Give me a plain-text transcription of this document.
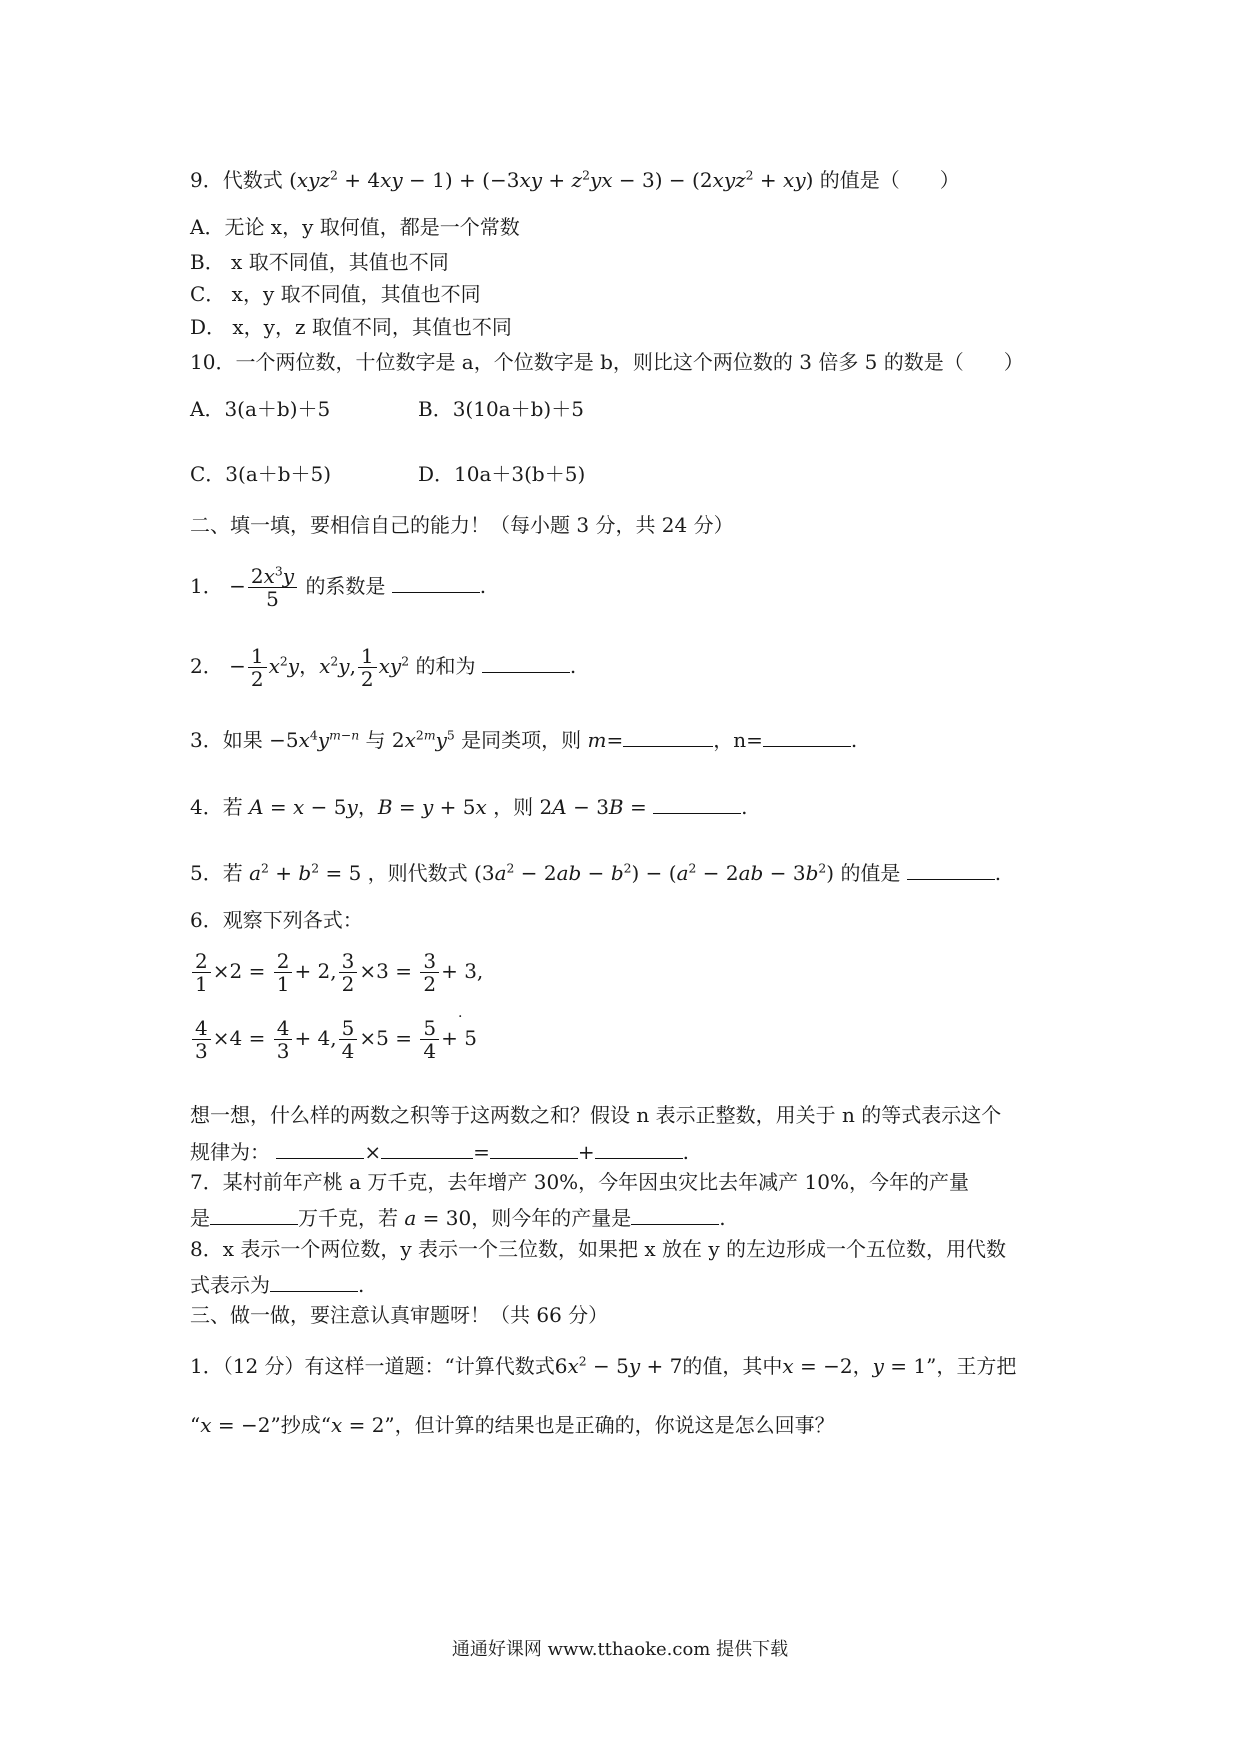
9．代数式 $(xyz^2 + 4xy - 1) + (-3xy + z^2yx - 3) - (2xyz^2 + xy)$ 的值是（　　）
A．无论 x，y 取何值，都是一个常数
B． x 取不同值，其值也不同
C． x，y 取不同值，其值也不同
D． x，y，z 取值不同，其值也不同
10．一个两位数，十位数字是 a，个位数字是 b，则比这个两位数的 3 倍多 5 的数是（　　）
A．3(a＋b)＋5	B．3(10a＋b)＋5
C．3(a＋b＋5)	D．10a＋3(b＋5)
二、填一填，要相信自己的能力！（每小题 3 分，共 24 分）
1． − $\frac{2x^3y}{5}$ 的系数是	.
2． − $\frac{1}{2} x^2y$，$x^2y$, $\frac{1}{2} xy^2$ 的和为	.
3．如果 $-5x^4y^{m-n}$ 与 $2x^{2m}y^5$ 是同类项，则 m=	，n=	.
4．若 A = x − 5y，B = y + 5x ，则 2A − 3B =	.
5．若 $a^2 + b^2 = 5$ ，则代数式 $(3a^2 - 2ab - b^2) - (a^2 - 2ab - 3b^2)$ 的值是	.
6．观察下列各式：
$\frac{2}{1} \times 2 = \frac{2}{1} + 2$, $\frac{3}{2} \times 3 = \frac{3}{2} + 3$,
$\frac{4}{3} \times 4 = \frac{4}{3} + 4$, $\frac{5}{4} \times 5 = \frac{5}{4} + 5$
.
想一想，什么样的两数之积等于这两数之和？假设 n 表示正整数，用关于 n 的等式表示这个
规律为：	×	=	+	.
7．某村前年产桃 a 万千克，去年增产 30%，今年因虫灾比去年减产 10%，今年的产量
是	万千克，若 a = 30，则今年的产量是	.
8．x 表示一个两位数，y 表示一个三位数，如果把 x 放在 y 的左边形成一个五位数，用代数
式表示为	.
三、做一做，要注意认真审题呀！（共 66 分）
1．（12 分）有这样一道题：“计算代数式$6x^2 - 5y + 7$的值，其中x = −2，y = 1”，王方把
“x = −2”抄成“x = 2”，但计算的结果也是正确的，你说这是怎么回事？
通通好课网 www.tthaoke.com 提供下载
